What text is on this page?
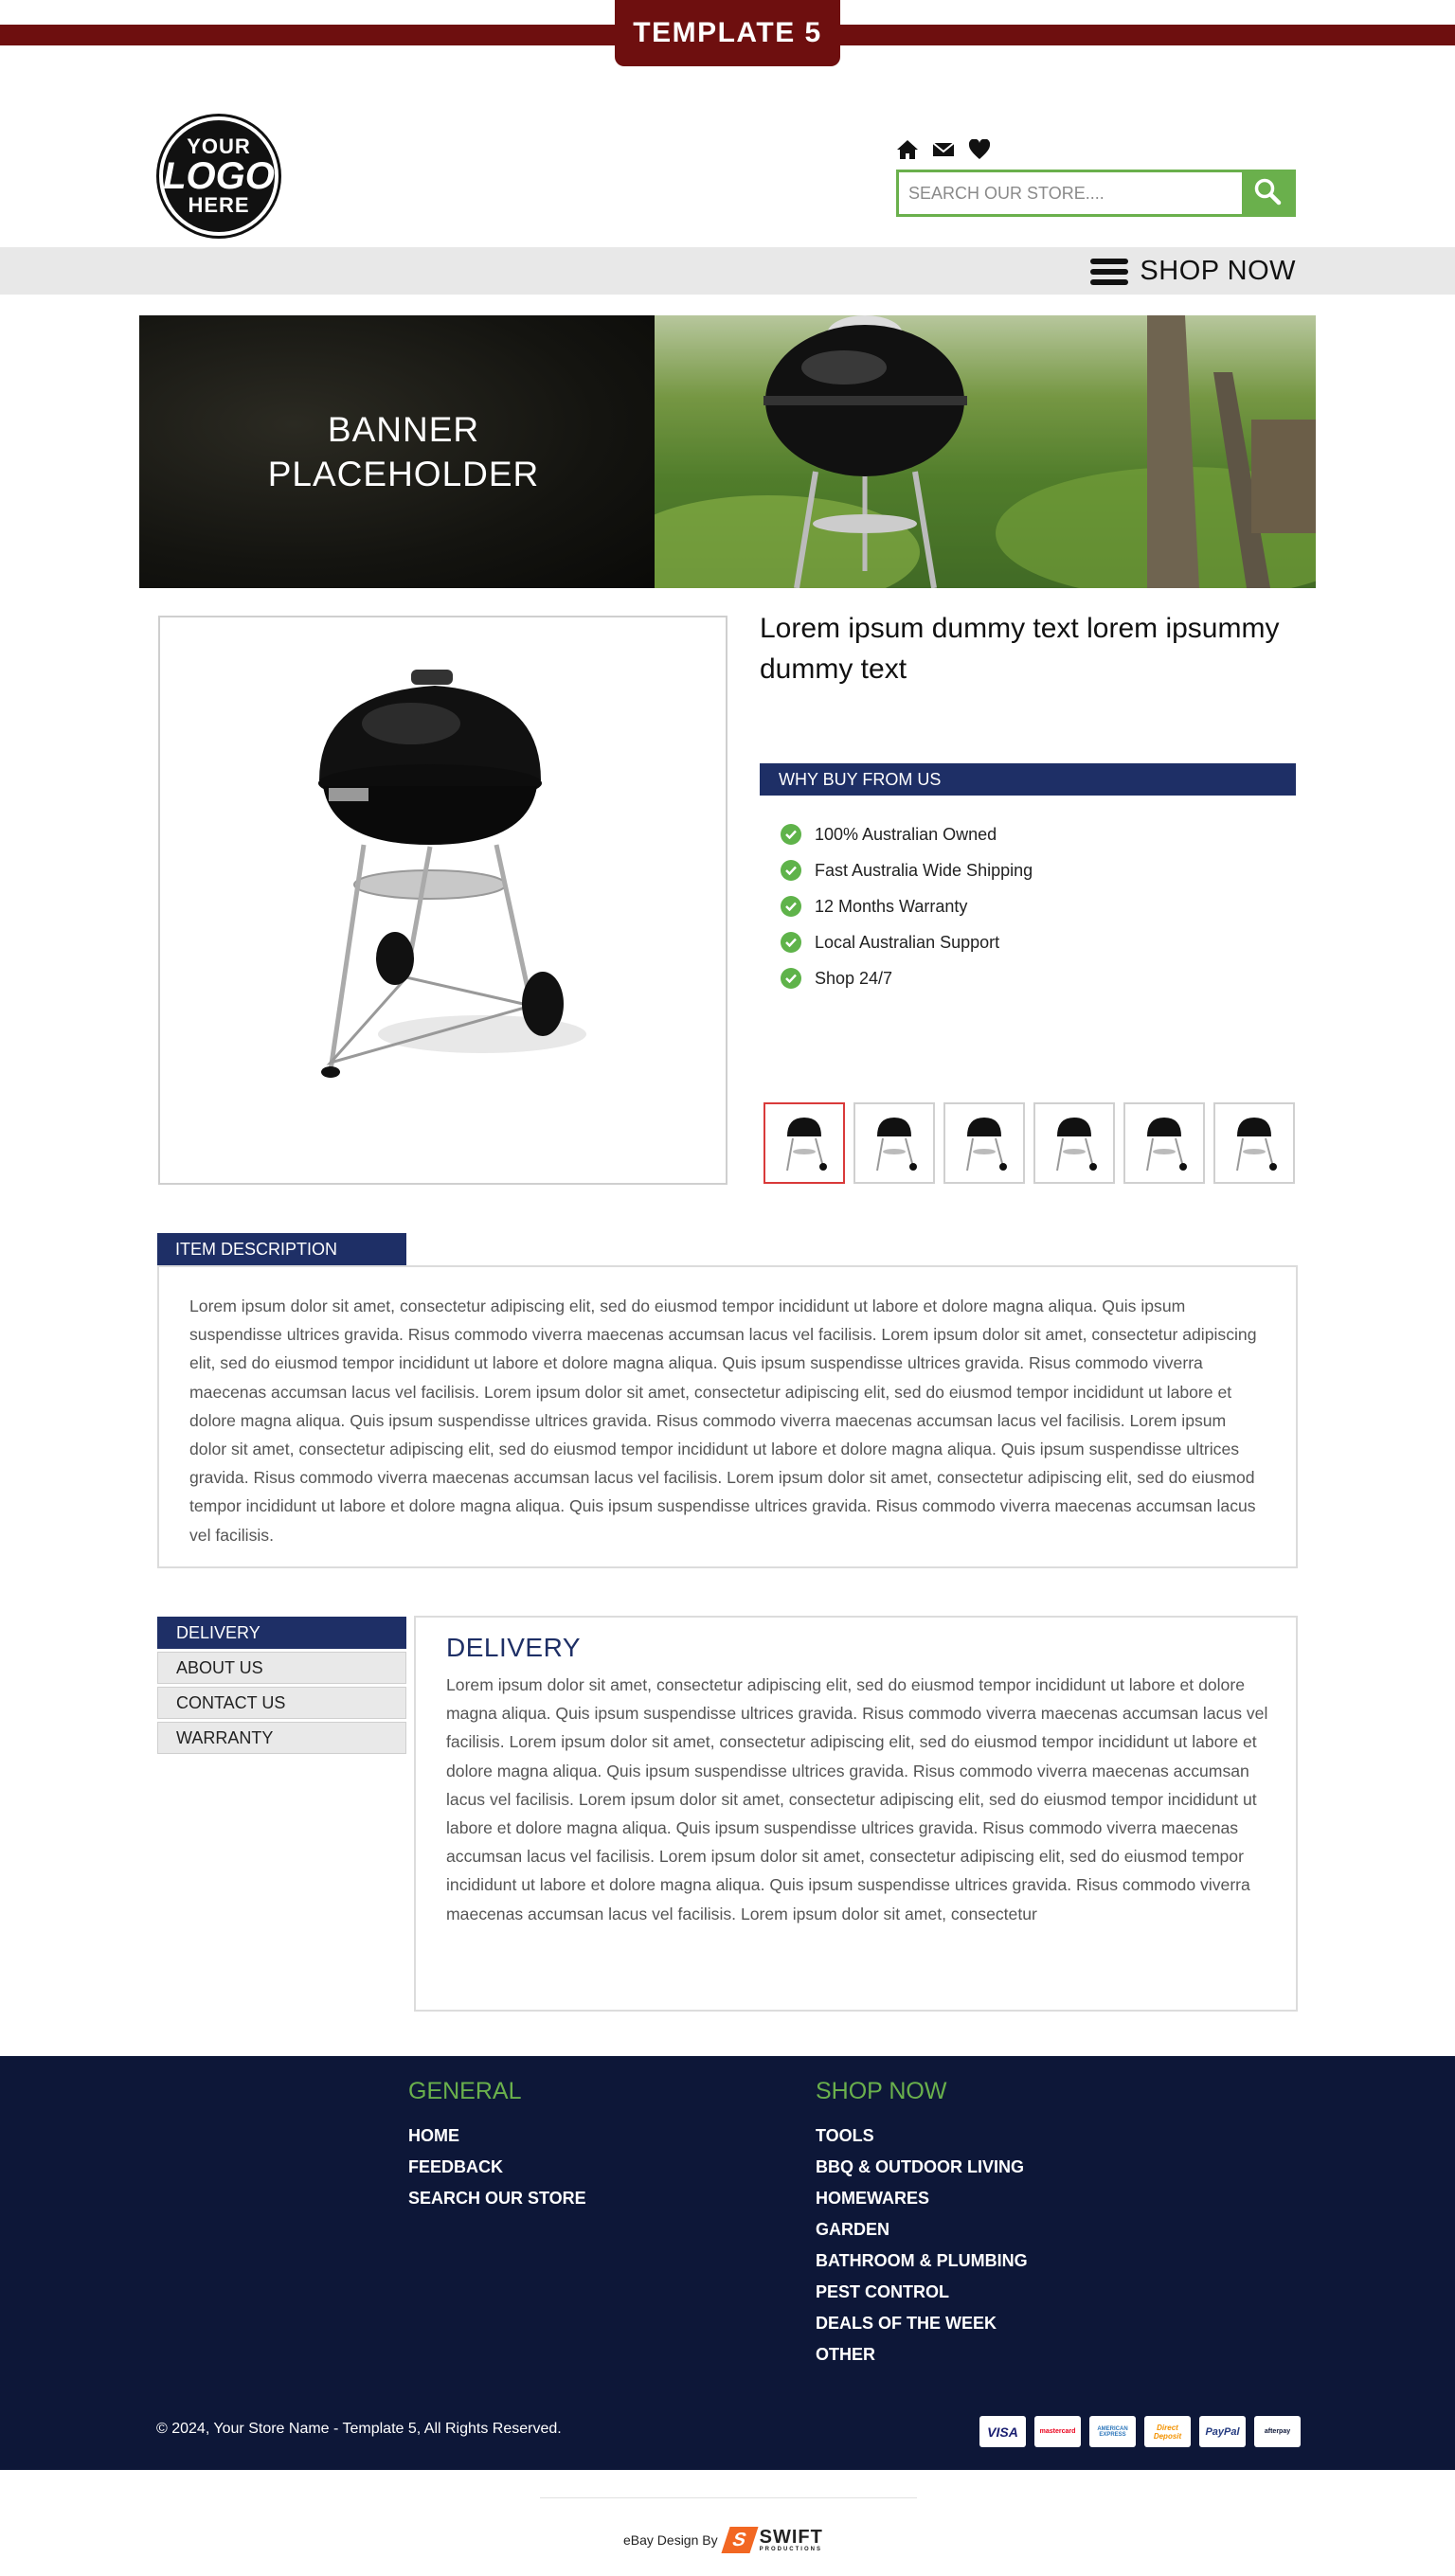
TEMPLATE 5
YOUR
LOGO
HERE
SEARCH OUR STORE....
SHOP NOW
BANNER
PLACEHOLDER
Lorem ipsum dummy text lorem ipsummy dummy text
WHY BUY FROM US
100% Australian Owned
Fast Australia Wide Shipping
12 Months Warranty
Local Australian Support
Shop 24/7
ITEM DESCRIPTION
Lorem ipsum dolor sit amet, consectetur adipiscing elit, sed do eiusmod tempor incididunt ut labore et dolore magna aliqua. Quis ipsum suspendisse ultrices gravida. Risus commodo viverra maecenas accumsan lacus vel facilisis. Lorem ipsum dolor sit amet, consectetur adipiscing elit, sed do eiusmod tempor incididunt ut labore et dolore magna aliqua. Quis ipsum suspendisse ultrices gravida. Risus commodo viverra maecenas accumsan lacus vel facilisis. Lorem ipsum dolor sit amet, consectetur adipiscing elit, sed do eiusmod tempor incididunt ut labore et dolore magna aliqua. Quis ipsum suspendisse ultrices gravida. Risus commodo viverra maecenas accumsan lacus vel facilisis. Lorem ipsum dolor sit amet, consectetur adipiscing elit, sed do eiusmod tempor incididunt ut labore et dolore magna aliqua. Quis ipsum suspendisse ultrices gravida. Risus commodo viverra maecenas accumsan lacus vel facilisis. Lorem ipsum dolor sit amet, consectetur adipiscing elit, sed do eiusmod tempor incididunt ut labore et dolore magna aliqua. Quis ipsum suspendisse ultrices gravida. Risus commodo viverra maecenas accumsan lacus vel facilisis.
DELIVERY
ABOUT US
CONTACT US
WARRANTY
DELIVERY
Lorem ipsum dolor sit amet, consectetur adipiscing elit, sed do eiusmod tempor incididunt ut labore et dolore magna aliqua. Quis ipsum suspendisse ultrices gravida. Risus commodo viverra maecenas accumsan lacus vel facilisis. Lorem ipsum dolor sit amet, consectetur adipiscing elit, sed do eiusmod tempor incididunt ut labore et dolore magna aliqua. Quis ipsum suspendisse ultrices gravida. Risus commodo viverra maecenas accumsan lacus vel facilisis. Lorem ipsum dolor sit amet, consectetur adipiscing elit, sed do eiusmod tempor incididunt ut labore et dolore magna aliqua. Quis ipsum suspendisse ultrices gravida. Risus commodo viverra maecenas accumsan lacus vel facilisis. Lorem ipsum dolor sit amet, consectetur adipiscing elit, sed do eiusmod tempor incididunt ut labore et dolore magna aliqua. Quis ipsum suspendisse ultrices gravida. Risus commodo viverra maecenas accumsan lacus vel facilisis. Lorem ipsum dolor sit amet, consectetur
GENERAL
HOME
FEEDBACK
SEARCH OUR STORE
SHOP NOW
TOOLS
BBQ & OUTDOOR LIVING
HOMEWARES
GARDEN
BATHROOM & PLUMBING
PEST CONTROL
DEALS OF THE WEEK
OTHER
© 2024, Your Store Name - Template 5, All Rights Reserved.	VISA	mastercard	AMERICAN EXPRESS
Direct Deposit	PayPal	afterpay
eBay Design By S SWIFT
PRODUCTIONS
